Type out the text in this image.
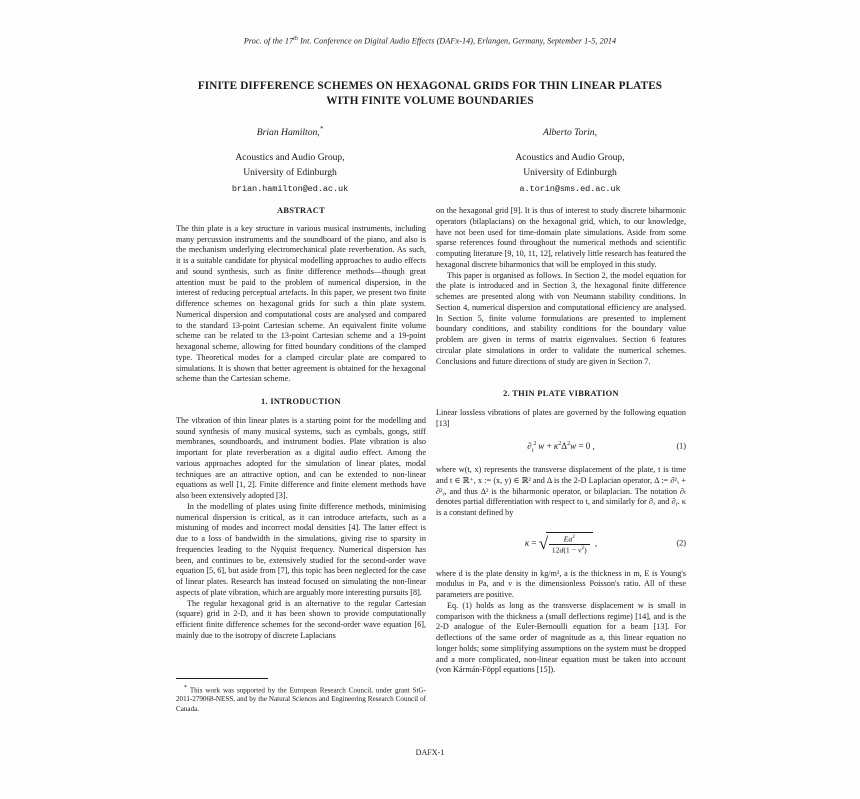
Proc. of the 17th Int. Conference on Digital Audio Effects (DAFx-14), Erlangen, Germany, September 1-5, 2014
FINITE DIFFERENCE SCHEMES ON HEXAGONAL GRIDS FOR THIN LINEAR PLATES
WITH FINITE VOLUME BOUNDARIES
Brian Hamilton,*
Acoustics and Audio Group,
University of Edinburgh
brian.hamilton@ed.ac.uk
Alberto Torin,
Acoustics and Audio Group,
University of Edinburgh
a.torin@sms.ed.ac.uk
ABSTRACT

The thin plate is a key structure in various musical instruments, including many percussion instruments and the soundboard of the piano, and also is the mechanism underlying electromechanical plate reverberation. As such, it is a suitable candidate for physical modelling approaches to audio effects and sound synthesis, such as finite difference methods—though great attention must be paid to the problem of numerical dispersion, in the interest of reducing perceptual artefacts. In this paper, we present two finite difference schemes on hexagonal grids for such a thin plate system. Numerical dispersion and computational costs are analysed and compared to the standard 13-point Cartesian scheme. An equivalent finite volume scheme can be related to the 13-point Cartesian scheme and a 19-point hexagonal scheme, allowing for fitted boundary conditions of the clamped type. Theoretical modes for a clamped circular plate are compared to simulations. It is shown that better agreement is obtained for the hexagonal scheme than the Cartesian scheme.

1. INTRODUCTION

The vibration of thin linear plates is a starting point for the modelling and sound synthesis of many musical systems, such as cymbals, gongs, stiff membranes, soundboards, and instrument bodies. Plate vibration is also important for plate reverberation as a digital audio effect. Among the various approaches adopted for the simulation of linear plates, modal techniques are an attractive option, and can be extended to non-linear equations as well [1, 2]. Finite difference and finite element methods have also been extensively adopted [3].

In the modelling of plates using finite difference methods, minimising numerical dispersion is critical, as it can introduce artefacts, such as a mistuning of modes and incorrect modal densities [4]. The latter effect is due to a loss of bandwidth in the simulations, giving rise to sparsity in frequencies leading to the Nyquist frequency. Numerical dispersion has been, and continues to be, extensively studied for the second-order wave equation [5, 6], but aside from [7], this topic has been neglected for the case of linear plates. Research has instead focused on simulating the non-linear aspects of plate vibration, which are arguably more interesting pursuits [8].

The regular hexagonal grid is an alternative to the regular Cartesian (square) grid in 2-D, and it has been shown to provide computationally efficient finite difference schemes for the second-order wave equation [6], mainly due to the isotropy of discrete Laplacians

on the hexagonal grid [9]. It is thus of interest to study discrete biharmonic operators (bilaplacians) on the hexagonal grid, which, to our knowledge, have not been used for time-domain plate simulations. Aside from some sparse references found throughout the numerical methods and scientific computing literature [9, 10, 11, 12], relatively little research has featured the hexagonal discrete biharmonics that will be employed in this study.

This paper is organised as follows. In Section 2, the model equation for the plate is introduced and in Section 3, the hexagonal finite difference schemes are presented along with von Neumann stability conditions. In Section 4, numerical dispersion and computational efficiency are analysed. In Section 5, finite volume formulations are presented to implement boundary conditions, and stability conditions for the boundary value problem are given in terms of matrix eigenvalues. Section 6 features circular plate simulations in order to validate the numerical schemes. Conclusions and future directions of study are given in Section 7.

2. THIN PLATE VIBRATION

Linear lossless vibrations of plates are governed by the following equation [13]

$\partial_t^2$  $w + \kappa^2\Delta^2w = 0$ ,	(1)

where w(t, x) represents the transverse displacement of the plate, t is time and t ∈ ℝ⁺, x := (x, y) ∈ ℝ² and Δ is the 2-D Laplacian operator, Δ := ∂²ₓ + ∂²ᵧ, and thus Δ² is the biharmonic operator, or bilaplacian. The notation ∂ₜ denotes partial differentiation with respect to t, and similarly for ∂ₓ and ∂ᵧ. κ is a constant defined by

κ = √ $\frac{Ea^2}{12d(1 - \nu^2)}$ ,	(2)

where d is the plate density in kg/m³, a is the thickness in m, E is Young's modulus in Pa, and ν is the dimensionless Poisson's ratio. All of these parameters are positive.

Eq. (1) holds as long as the transverse displacement w is small in comparison with the thickness a (small deflections regime) [14], and is the 2-D analogue of the Euler-Bernoulli equation for a beam [13]. For deflections of the same order of magnitude as a, this linear equation no longer holds; some simplifying assumptions on the system must be dropped and a more complicated, non-linear equation must be taken into account (von Kármán-Föppl equations [15]).

* This work was supported by the European Research Council, under grant StG-2011-279068-NESS, and by the Natural Sciences and Engineering Research Council of Canada.
DAFX-1
